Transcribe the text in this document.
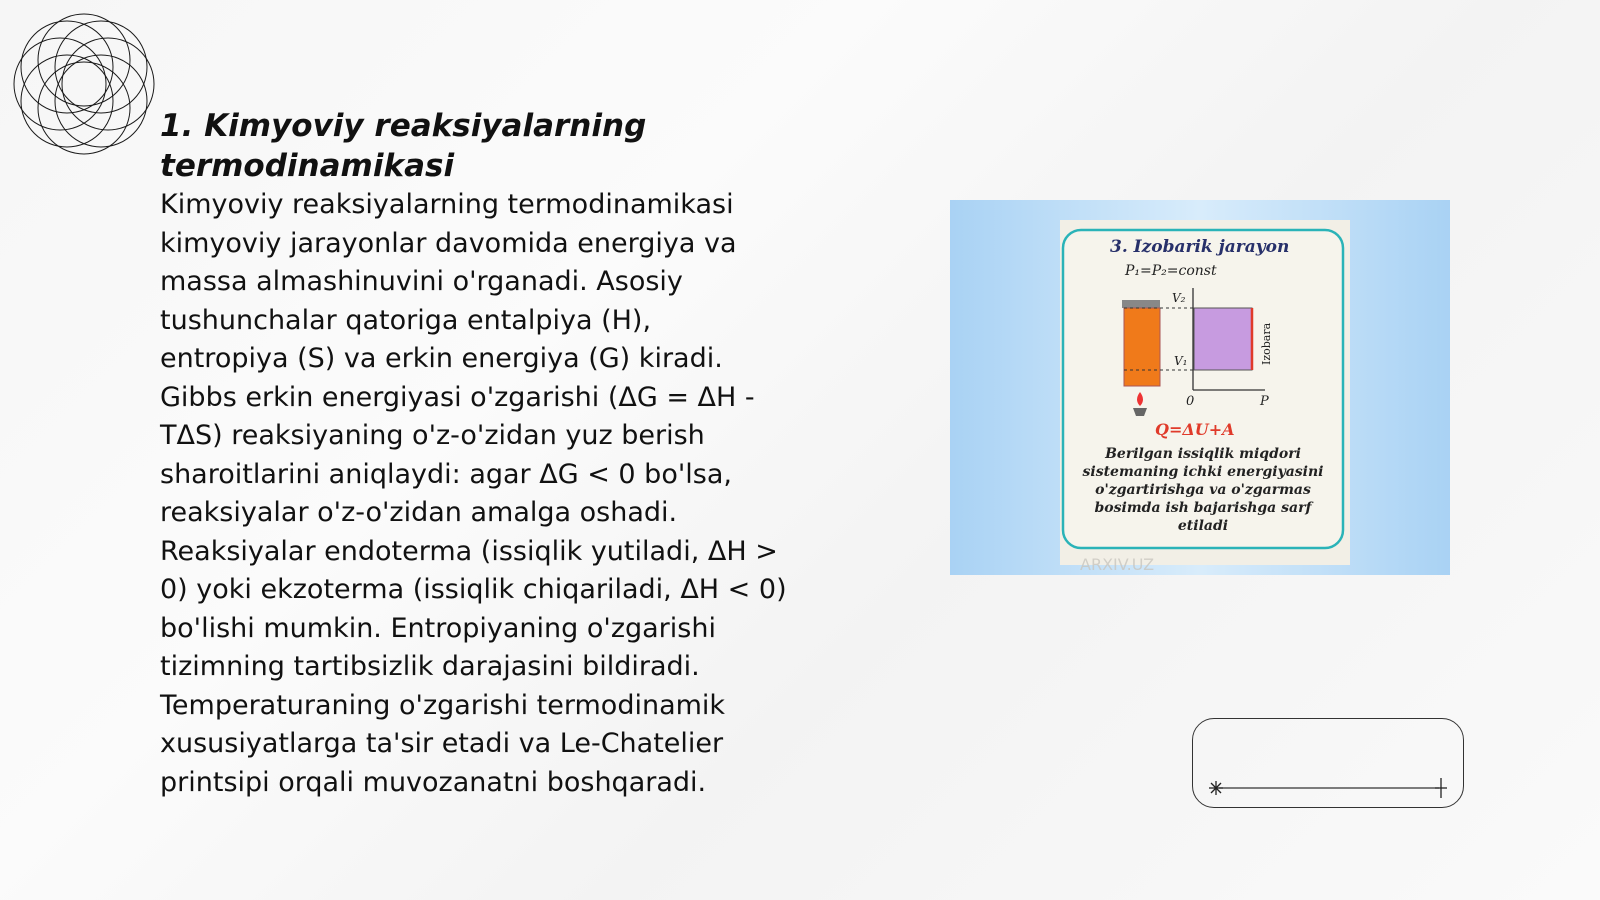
1. Kimyoviy reaksiyalarning termodinamikasi

Kimyoviy reaksiyalarning termodinamikasi
kimyoviy jarayonlar davomida energiya va
massa almashinuvini o'rganadi. Asosiy
tushunchalar qatoriga entalpiya (H),
entropiya (S) va erkin energiya (G) kiradi.
Gibbs erkin energiyasi o'zgarishi (ΔG = ΔH -
TΔS) reaksiyaning o'z-o'zidan yuz berish
sharoitlarini aniqlaydi: agar ΔG < 0 bo'lsa,
reaksiyalar o'z-o'zidan amalga oshadi.
Reaksiyalar endoterma (issiqlik yutiladi, ΔH >
0) yoki ekzoterma (issiqlik chiqariladi, ΔH < 0)
bo'lishi mumkin. Entropiyaning o'zgarishi
tizimning tartibsizlik darajasini bildiradi.
Temperaturaning o'zgarishi termodinamik
xususiyatlarga ta'sir etadi va Le-Chatelier
printsipi orqali muvozanatni boshqaradi.

3. Izobarik jarayon
P₁=P₂=const
V₂
V₁
0	P
Izobara
Q=ΔU+A
Berilgan issiqlik miqdori
sistemaning ichki energiyasini
o'zgartirishga va o'zgarmas
bosimda ish bajarishga sarf
etiladi
ARXIV.UZ
